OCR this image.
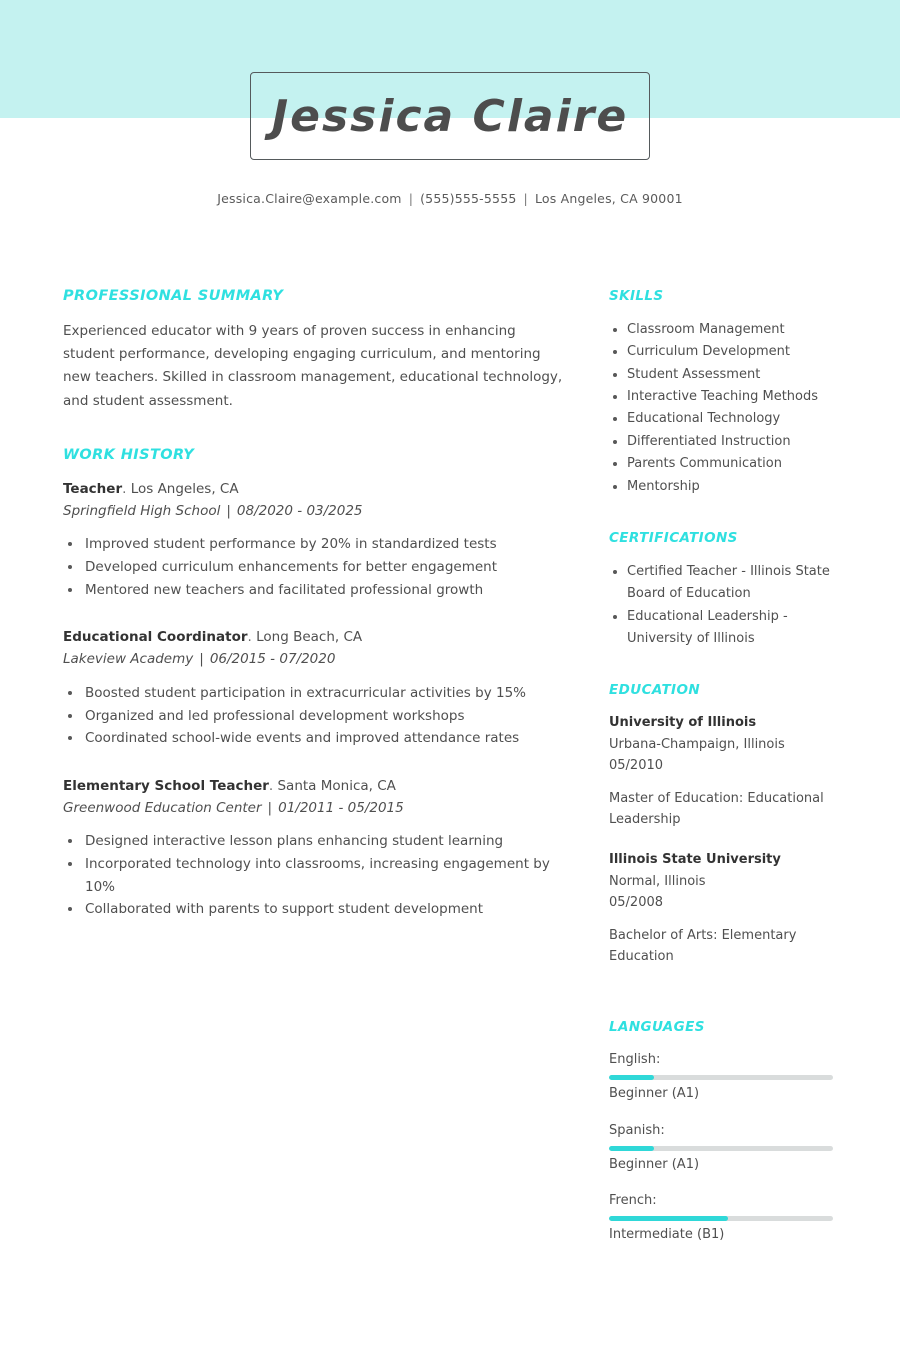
Jessica Claire
Jessica.Claire@example.com | (555)555-5555 | Los Angeles, CA 90001
PROFESSIONAL SUMMARY

Experienced educator with 9 years of proven success in enhancing student performance, developing engaging curriculum, and mentoring new teachers. Skilled in classroom management, educational technology, and student assessment.

WORK HISTORY
Teacher. Los Angeles, CA
Springfield High School | 08/2020 - 03/2025
Improved student performance by 20% in standardized tests
Developed curriculum enhancements for better engagement
Mentored new teachers and facilitated professional growth
Educational Coordinator. Long Beach, CA
Lakeview Academy | 06/2015 - 07/2020
Boosted student participation in extracurricular activities by 15%
Organized and led professional development workshops
Coordinated school-wide events and improved attendance rates
Elementary School Teacher. Santa Monica, CA
Greenwood Education Center | 01/2011 - 05/2015
Designed interactive lesson plans enhancing student learning
Incorporated technology into classrooms, increasing engagement by 10%
Collaborated with parents to support student development
SKILLS
Classroom Management
Curriculum Development
Student Assessment
Interactive Teaching Methods
Educational Technology
Differentiated Instruction
Parents Communication
Mentorship
CERTIFICATIONS
Certified Teacher - Illinois State Board of Education
Educational Leadership - University of Illinois
EDUCATION
University of Illinois
Urbana-Champaign, Illinois
05/2010
Master of Education: Educational Leadership
Illinois State University
Normal, Illinois
05/2008
Bachelor of Arts: Elementary Education
LANGUAGES
English:
Beginner (A1)
Spanish:
Beginner (A1)
French:
Intermediate (B1)
